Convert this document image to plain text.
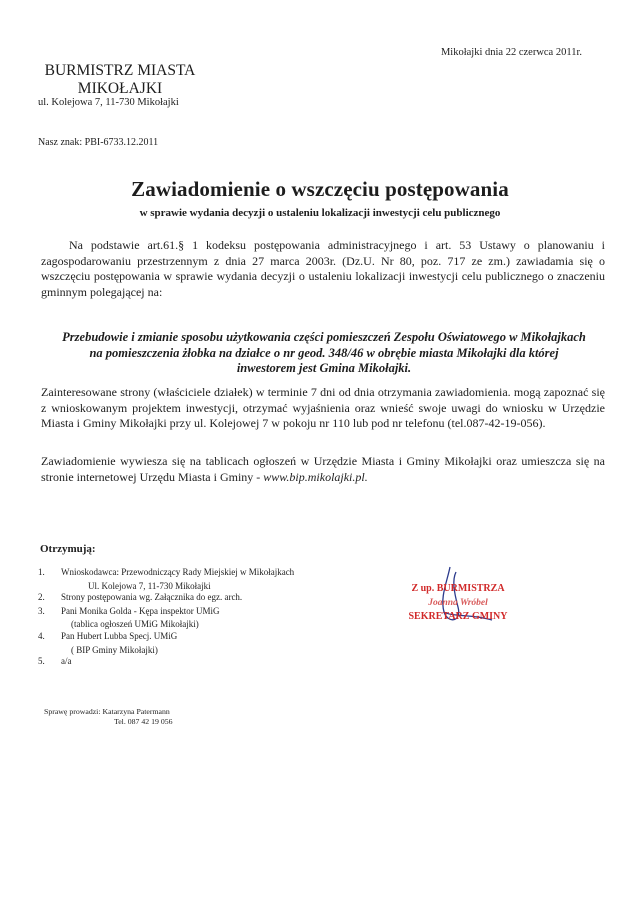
Mikołajki dnia 22 czerwca 2011r.
BURMISTRZ MIASTA
MIKOŁAJKI
ul. Kolejowa 7, 11-730 Mikołajki
Nasz znak: PBI-6733.12.2011
Zawiadomienie o wszczęciu postępowania
w sprawie wydania decyzji o ustaleniu lokalizacji inwestycji celu publicznego
Na podstawie art.61.§ 1 kodeksu postępowania administracyjnego i art. 53 Ustawy o planowaniu i zagospodarowaniu przestrzennym z dnia 27 marca 2003r. (Dz.U. Nr 80, poz. 717 ze zm.) zawiadamia się o wszczęciu postępowania w sprawie wydania decyzji o ustaleniu lokalizacji inwestycji celu publicznego o znaczeniu gminnym polegającej na:
Przebudowie i zmianie sposobu użytkowania części pomieszczeń Zespołu Oświatowego w Mikołajkach
na pomieszczenia żłobka na działce o nr geod. 348/46 w obrębie miasta Mikołajki dla której
inwestorem jest Gmina Mikołajki.
Zainteresowane strony (właściciele działek) w terminie 7 dni od dnia otrzymania zawiadomienia. mogą zapoznać się z wnioskowanym projektem inwestycji, otrzymać wyjaśnienia oraz wnieść swoje uwagi do wniosku w Urzędzie Miasta i Gminy Mikołajki przy ul. Kolejowej 7 w pokoju nr 110 lub pod nr telefonu (tel.087-42-19-056).
Zawiadomienie wywiesza się na tablicach ogłoszeń w Urzędzie Miasta i Gminy Mikołajki oraz umieszcza się na stronie internetowej Urzędu Miasta i Gminy - www.bip.mikolajki.pl.
Otrzymują:
1.	Wnioskodawca: Przewodniczący Rady Miejskiej w Mikołajkach
Ul. Kolejowa 7, 11-730 Mikołajki
2.	Strony postępowania wg. Załącznika do egz. arch.
3.	Pani Monika Golda - Kępa inspektor UMiG
(tablica ogłoszeń UMiG Mikołajki)
4.	Pan Hubert Lubba Specj. UMiG
( BIP Gminy Mikołajki)
5.	a/a
Z up. BURMISTRZA
Joanna Wróbel
SEKRETARZ GMINY
Sprawę prowadzi: Katarzyna Patermann
Tel. 087 42 19 056
